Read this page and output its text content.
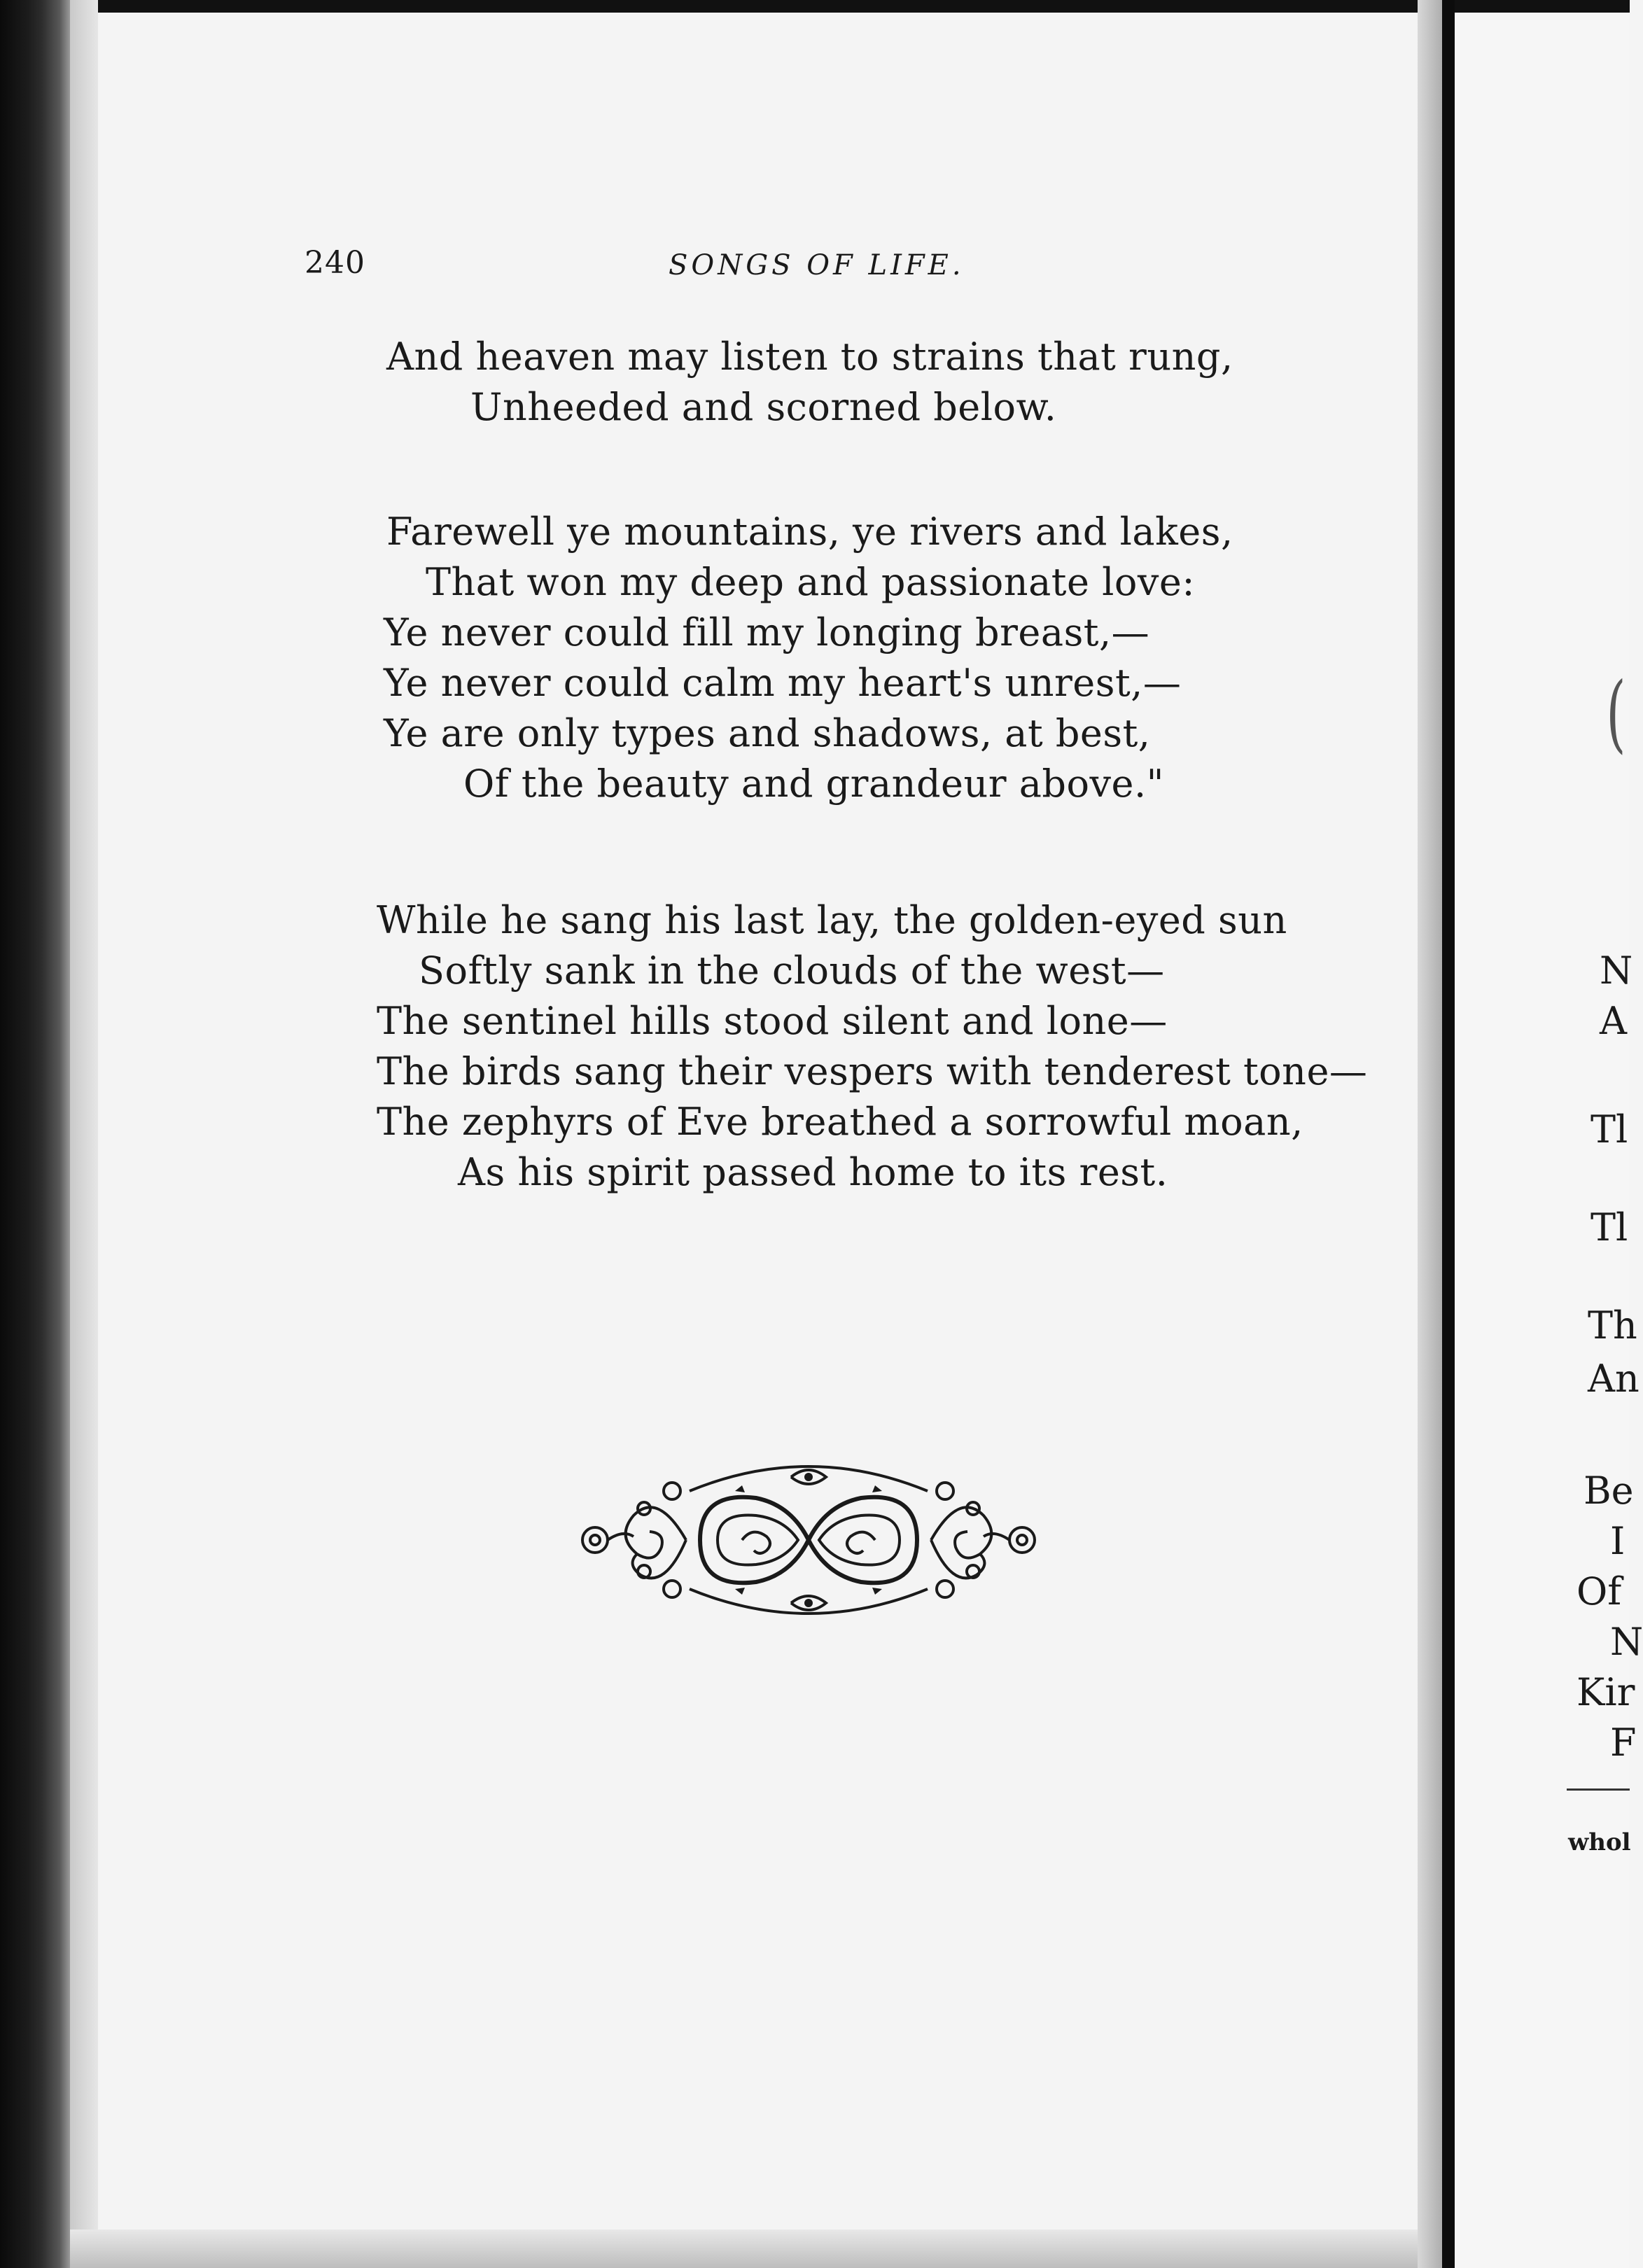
240	SONGS OF LIFE.
And heaven may listen to strains that rung,
Unheeded and scorned below.
Farewell ye mountains, ye rivers and lakes,
That won my deep and passionate love:
Ye never could fill my longing breast,—
Ye never could calm my heart's unrest,—
Ye are only types and shadows, at best,
Of the beauty and grandeur above."
While he sang his last lay, the golden-eyed sun
Softly sank in the clouds of the west—
The sentinel hills stood silent and lone—
The birds sang their vespers with tenderest tone—
The zephyrs of Eve breathed a sorrowful moan,
As his spirit passed home to its rest.
(
N
A
Tl
Tl
Th
An
Be
I
Of
N
Kir
F
whol
